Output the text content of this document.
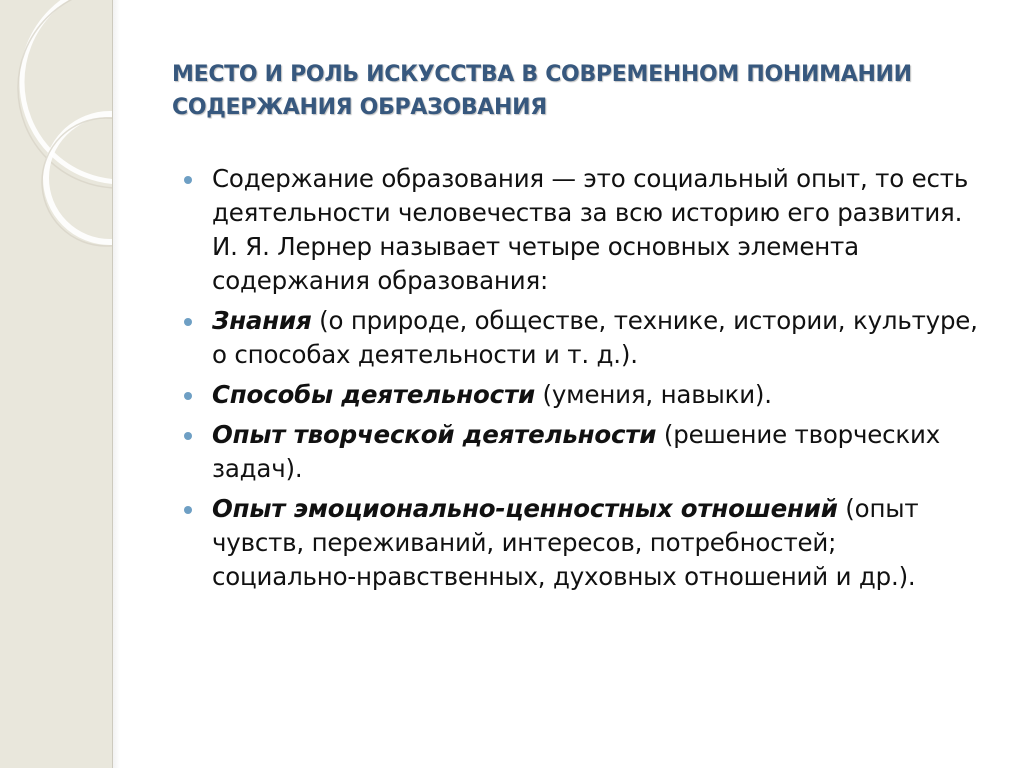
МЕСТО И РОЛЬ ИСКУССТВА В СОВРЕМЕННОМ ПОНИМАНИИ
СОДЕРЖАНИЯ ОБРАЗОВАНИЯ
Содержание образования — это социальный опыт, то есть деятельности человечества за всю историю его развития. И. Я. Лернер называет четыре основных элемента содержания образования:
Знания (о природе, обществе, технике, истории, культуре, о способах деятельности и т. д.).
Способы деятельности (умения, навыки).
Опыт творческой деятельности (решение творческих задач).
Опыт эмоционально-ценностных отношений (опыт чувств, переживаний, интересов, потребностей; социально-нравственных, духовных отношений и др.).
